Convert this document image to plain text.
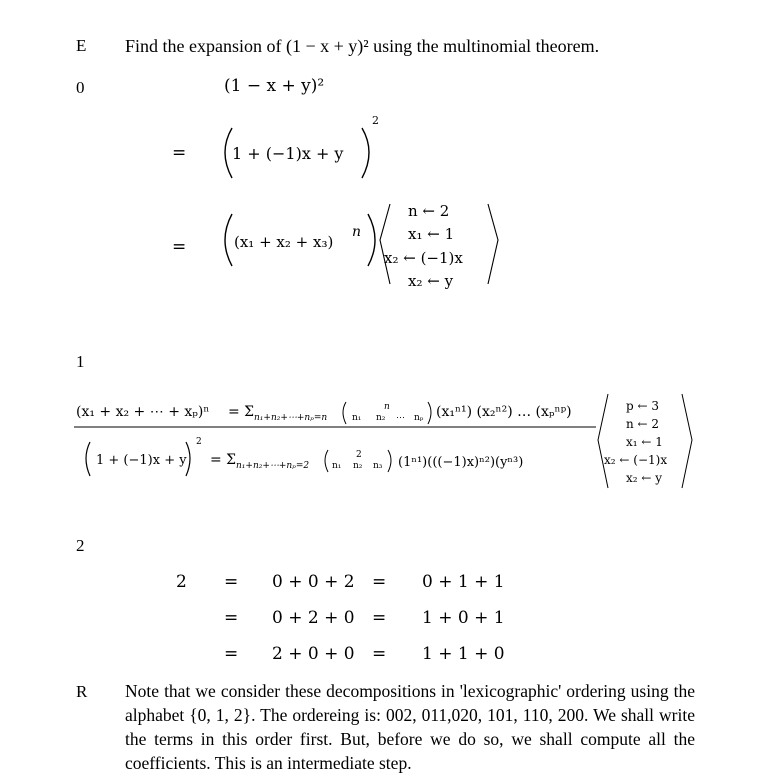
E
0
1
2
R
Find the expansion of (1 − x + y)² using the multinomial theorem.
(1 − x + y)²
=	1 + (−1)x + y
2
=	(x₁ + x₂ + x₃)
n
n ← 2
x₁ ← 1
x₂ ← (−1)x
x₂ ← y
(x₁ + x₂ + ⋯ + xₚ)ⁿ = Σ n₁+n₂+⋯+nₚ=n	n₁ n₂ ⋯ nₚ
n	(x₁ⁿ¹) (x₂ⁿ²) … (xₚⁿᵖ)
1 + (−1)x + y
2
= Σ n₁+n₂+⋯+nₚ=2	n₁ n₂ n₃
2	(1ⁿ¹)(((−1)x)ⁿ²)(yⁿ³)
p ← 3
n ← 2
x₁ ← 1
x₂ ← (−1)x
x₂ ← y
2 = 0 + 0 + 2 = 0 + 1 + 1
= 0 + 2 + 0 = 1 + 0 + 1
= 2 + 0 + 0 = 1 + 1 + 0
Note that we consider these decompositions in 'lexicographic' ordering using the alphabet {0, 1, 2}. The ordereing is: 002, 011,020, 101, 110, 200. We shall write the terms in this order first. But, before we do so, we shall compute all the coefficients. This is an intermediate step.
